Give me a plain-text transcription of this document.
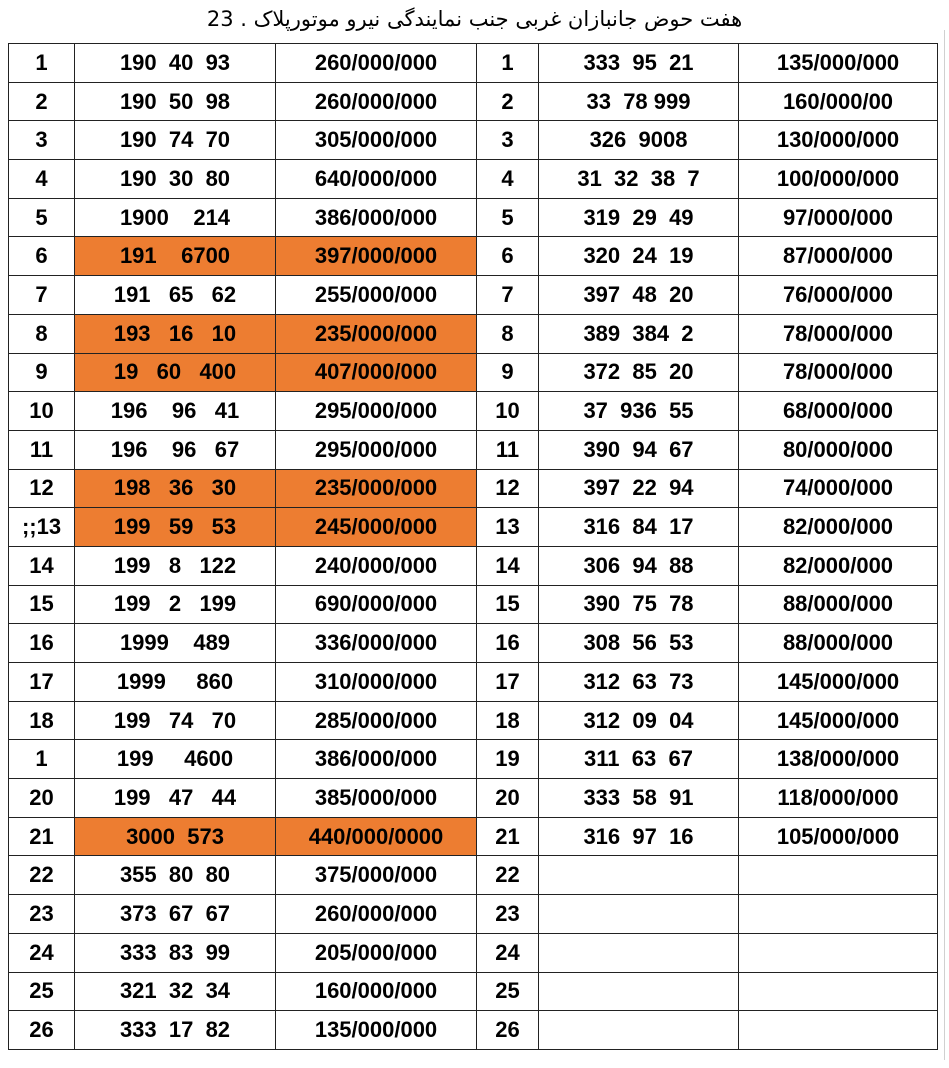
هفت حوض جانبازان غربی جنب نمایندگی نیرو موتورپلاک . 23
1	190  40  93	260/000/000	1	333  95  21	135/000/000
2	190  50  98	260/000/000	2	33  78 999	160/000/00
3	190  74  70	305/000/000	3	326  9008	130/000/000
4	190  30  80	640/000/000	4	31  32  38  7	100/000/000
5	1900    214	386/000/000	5	319  29  49	97/000/000
6	191    6700	397/000/000	6	320  24  19	87/000/000
7	191   65   62	255/000/000	7	397  48  20	76/000/000
8	193   16   10	235/000/000	8	389  384  2	78/000/000
9	19   60   400	407/000/000	9	372  85  20	78/000/000
10	196    96   41	295/000/000	10	37  936  55	68/000/000
11	196    96   67	295/000/000	11	390  94  67	80/000/000
12	198   36   30	235/000/000	12	397  22  94	74/000/000
;;13	199   59   53	245/000/000	13	316  84  17	82/000/000
14	199   8   122	240/000/000	14	306  94  88	82/000/000
15	199   2   199	690/000/000	15	390  75  78	88/000/000
16	1999    489	336/000/000	16	308  56  53	88/000/000
17	1999     860	310/000/000	17	312  63  73	145/000/000
18	199   74   70	285/000/000	18	312  09  04	145/000/000
1	199     4600	386/000/000	19	311  63  67	138/000/000
20	199   47   44	385/000/000	20	333  58  91	118/000/000
21	3000  573	440/000/0000	21	316  97  16	105/000/000
22	355  80  80	375/000/000	22		
23	373  67  67	260/000/000	23		
24	333  83  99	205/000/000	24		
25	321  32  34	160/000/000	25		
26	333  17  82	135/000/000	26		
